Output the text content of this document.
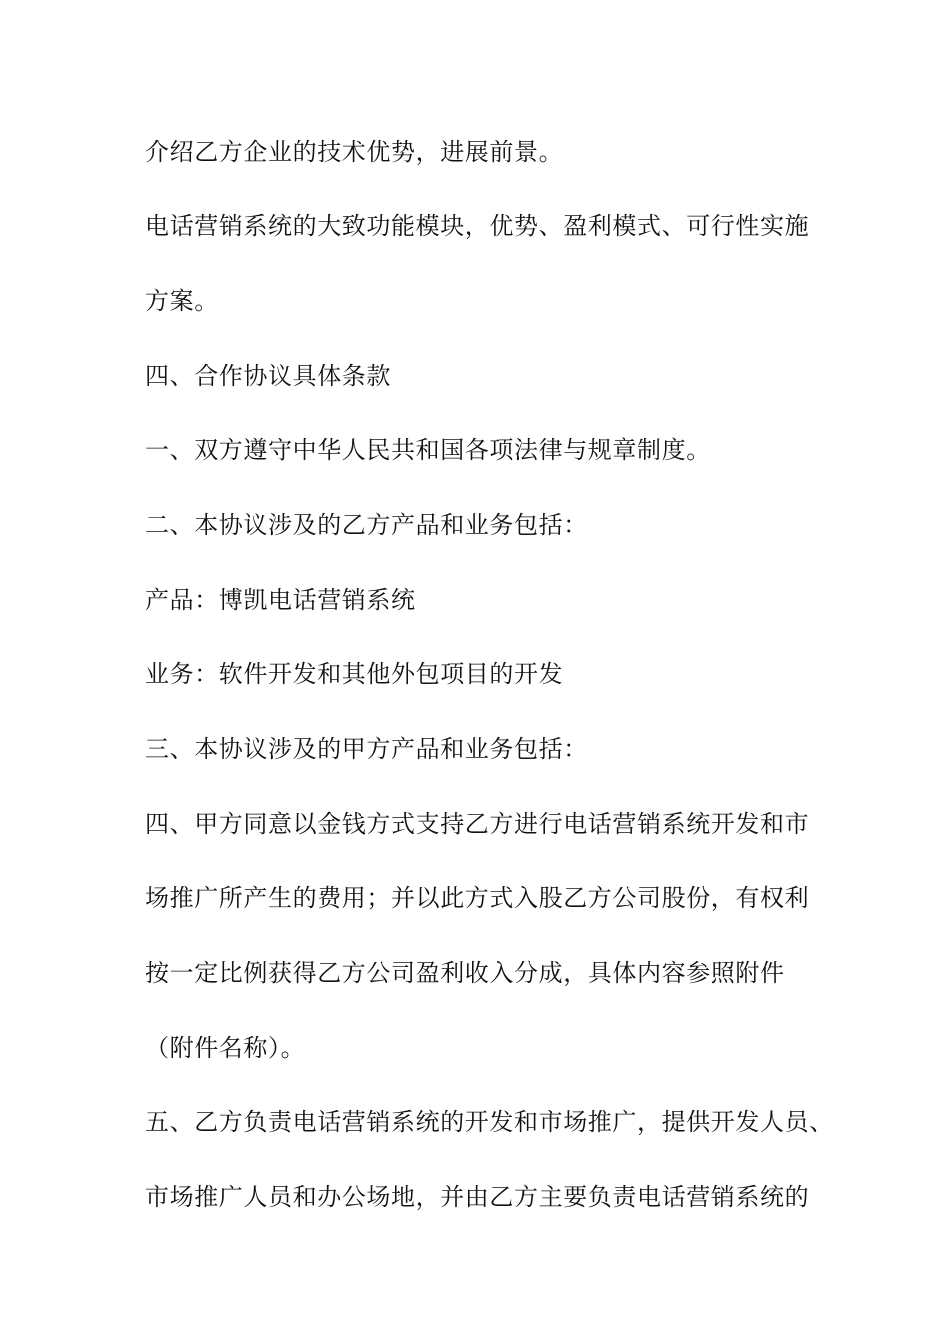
介绍乙方企业的技术优势，进展前景。
电话营销系统的大致功能模块，优势、盈利模式、可行性实施
方案。
四、合作协议具体条款
一、双方遵守中华人民共和国各项法律与规章制度。
二、本协议涉及的乙方产品和业务包括：
产品：博凯电话营销系统
业务：软件开发和其他外包项目的开发
三、本协议涉及的甲方产品和业务包括：
四、甲方同意以金钱方式支持乙方进行电话营销系统开发和市
场推广所产生的费用；并以此方式入股乙方公司股份，有权利
按一定比例获得乙方公司盈利收入分成，具体内容参照附件
（附件名称）。
五、乙方负责电话营销系统的开发和市场推广，提供开发人员、
市场推广人员和办公场地，并由乙方主要负责电话营销系统的
